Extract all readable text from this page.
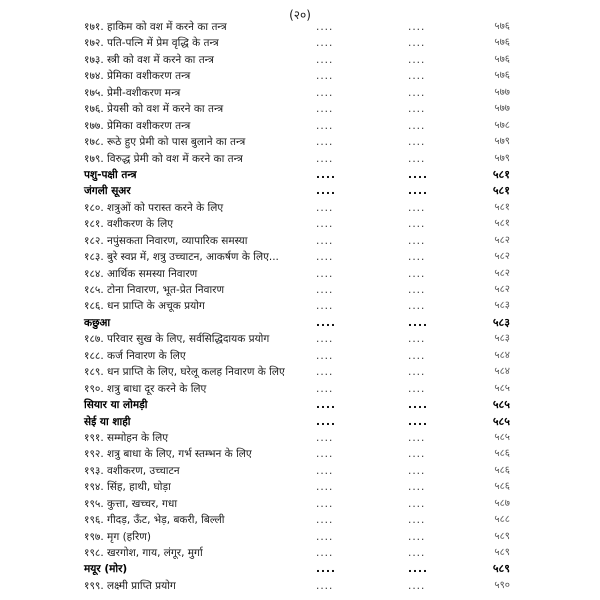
(२०)
१७१. हाकिम को वश में करने का तन्त्र	....	....	५७६
१७२. पति-पत्नि में प्रेम वृद्धि के तन्त्र	....	....	५७६
१७३. स्त्री को वश में करने का तन्त्र	....	....	५७६
१७४. प्रेमिका वशीकरण तन्त्र	....	....	५७६
१७५. प्रेमी-वशीकरण मन्त्र	....	....	५७७
१७६. प्रेयसी को वश में करने का तन्त्र	....	....	५७७
१७७. प्रेमिका वशीकरण तन्त्र	....	....	५७८
१७८. रूठे हुए प्रेमी को पास बुलाने का तन्त्र	....	....	५७९
१७९. विरुद्ध प्रेमी को वश में करने का तन्त्र	....	....	५७९
पशु-पक्षी तन्त्र	....	....	५८१
जंगली सूअर	....	....	५८१
१८०. शत्रुओं को परास्त करने के लिए	....	....	५८१
१८१. वशीकरण के लिए	....	....	५८१
१८२. नपुंसकता निवारण, व्यापारिक समस्या	....	....	५८२
१८३. बुरे स्वप्न में, शत्रु उच्चाटन, आकर्षण के लिए...	....	....	५८२
१८४. आर्थिक समस्या निवारण	....	....	५८२
१८५. टोना निवारण, भूत-प्रेत निवारण	....	....	५८२
१८६. धन प्राप्ति के अचूक प्रयोग	....	....	५८३
कछुआ	....	....	५८३
१८७. परिवार सुख के लिए, सर्वसिद्धिदायक प्रयोग	....	....	५८३
१८८. कर्ज निवारण के लिए	....	....	५८४
१८९. धन प्राप्ति के लिए, घरेलू कलह निवारण के लिए	....	....	५८४
१९०. शत्रु बाधा दूर करने के लिए	....	....	५८५
सियार या लोमड़ी	....	....	५८५
सेई या शाही	....	....	५८५
१९१. सम्मोहन के लिए	....	....	५८५
१९२. शत्रु बाधा के लिए, गर्भ स्तम्भन के लिए	....	....	५८६
१९३. वशीकरण, उच्चाटन	....	....	५८६
१९४. सिंह, हाथी, घोड़ा	....	....	५८६
१९५. कुत्ता, खच्चर, गधा	....	....	५८७
१९६. गीदड़, ऊँट, भेड़, बकरी, बिल्ली	....	....	५८८
१९७. मृग (हरिण)	....	....	५८९
१९८. खरगोश, गाय, लंगूर, मुर्गा	....	....	५८९
मयूर (मोर)	....	....	५८९
१९९. लक्ष्मी प्राप्ति प्रयोग	....	....	५९०
